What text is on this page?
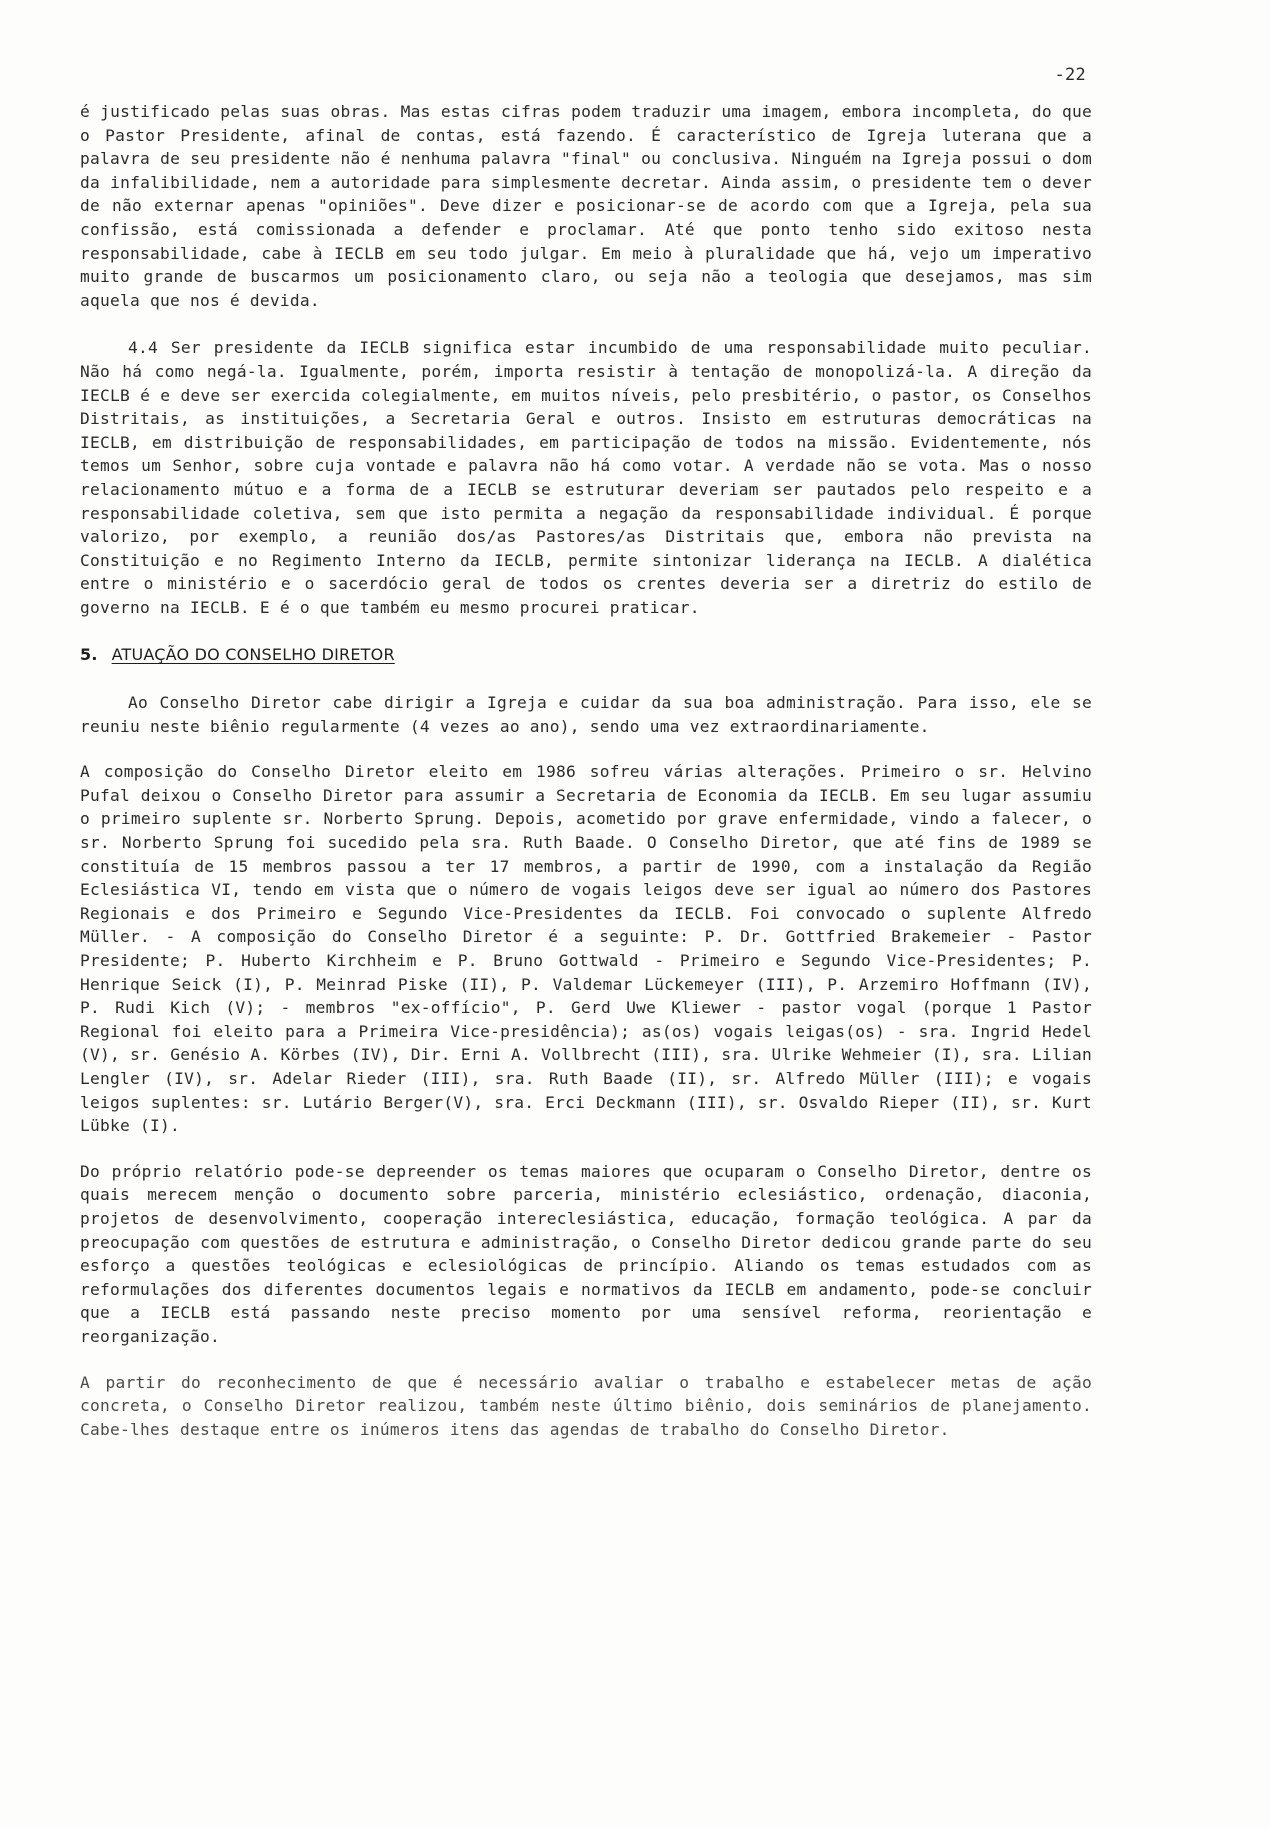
-22

é justificado pelas suas obras. Mas estas cifras podem traduzir uma imagem, embora incompleta, do que o Pastor Presidente, afinal de contas, está fazendo. É característico de Igreja luterana que a palavra de seu presidente não é nenhuma palavra "final" ou conclusiva. Ninguém na Igreja possui o dom da infalibilidade, nem a autoridade para simplesmente decretar. Ainda assim, o presidente tem o dever de não externar apenas "opiniões". Deve dizer e posicionar-se de acordo com que a Igreja, pela sua confissão, está comissionada a defender e proclamar. Até que ponto tenho sido exitoso nesta responsabilidade, cabe à IECLB em seu todo julgar. Em meio à pluralidade que há, vejo um imperativo muito grande de buscarmos um posicionamento claro, ou seja não a teologia que desejamos, mas sim aquela que nos é devida.

4.4 Ser presidente da IECLB significa estar incumbido de uma responsabilidade muito peculiar. Não há como negá-la. Igualmente, porém, importa resistir à tentação de monopolizá-la. A direção da IECLB é e deve ser exercida colegialmente, em muitos níveis, pelo presbitério, o pastor, os Conselhos Distritais, as instituições, a Secretaria Geral e outros. Insisto em estruturas democráticas na IECLB, em distribuição de responsabilidades, em participação de todos na missão. Evidentemente, nós temos um Senhor, sobre cuja vontade e palavra não há como votar. A verdade não se vota. Mas o nosso relacionamento mútuo e a forma de a IECLB se estruturar deveriam ser pautados pelo respeito e a responsabilidade coletiva, sem que isto permita a negação da responsabilidade individual. É porque valorizo, por exemplo, a reunião dos/as Pastores/as Distritais que, embora não prevista na Constituição e no Regimento Interno da IECLB, permite sintonizar liderança na IECLB. A dialética entre o ministério e o sacerdócio geral de todos os crentes deveria ser a diretriz do estilo de governo na IECLB. E é o que também eu mesmo procurei praticar.

5. ATUAÇÃO DO CONSELHO DIRETOR

Ao Conselho Diretor cabe dirigir a Igreja e cuidar da sua boa administração. Para isso, ele se reuniu neste biênio regularmente (4 vezes ao ano), sendo uma vez extraordinariamente.

A composição do Conselho Diretor eleito em 1986 sofreu várias alterações. Primeiro o sr. Helvino Pufal deixou o Conselho Diretor para assumir a Secretaria de Economia da IECLB. Em seu lugar assumiu o primeiro suplente sr. Norberto Sprung. Depois, acometido por grave enfermidade, vindo a falecer, o sr. Norberto Sprung foi sucedido pela sra. Ruth Baade. O Conselho Diretor, que até fins de 1989 se constituía de 15 membros passou a ter 17 membros, a partir de 1990, com a instalação da Região Eclesiástica VI, tendo em vista que o número de vogais leigos deve ser igual ao número dos Pastores Regionais e dos Primeiro e Segundo Vice-Presidentes da IECLB. Foi convocado o suplente Alfredo Müller. - A composição do Conselho Diretor é a seguinte: P. Dr. Gottfried Brakemeier - Pastor Presidente; P. Huberto Kirchheim e P. Bruno Gottwald - Primeiro e Segundo Vice-Presidentes; P. Henrique Seick (I), P. Meinrad Piske (II), P. Valdemar Lückemeyer (III), P. Arzemiro Hoffmann (IV), P. Rudi Kich (V); - membros "ex-offício", P. Gerd Uwe Kliewer - pastor vogal (porque 1 Pastor Regional foi eleito para a Primeira Vice-presidência); as(os) vogais leigas(os) - sra. Ingrid Hedel (V), sr. Genésio A. Körbes (IV), Dir. Erni A. Vollbrecht (III), sra. Ulrike Wehmeier (I), sra. Lilian Lengler (IV), sr. Adelar Rieder (III), sra. Ruth Baade (II), sr. Alfredo Müller (III); e vogais leigos suplentes: sr. Lutário Berger(V), sra. Erci Deckmann (III), sr. Osvaldo Rieper (II), sr. Kurt Lübke (I).

Do próprio relatório pode-se depreender os temas maiores que ocuparam o Conselho Diretor, dentre os quais merecem menção o documento sobre parceria, ministério eclesiástico, ordenação, diaconia, projetos de desenvolvimento, cooperação intereclesiástica, educação, formação teológica. A par da preocupação com questões de estrutura e administração, o Conselho Diretor dedicou grande parte do seu esforço a questões teológicas e eclesiológicas de princípio. Aliando os temas estudados com as reformulações dos diferentes documentos legais e normativos da IECLB em andamento, pode-se concluir que a IECLB está passando neste preciso momento por uma sensível reforma, reorientação e reorganização.

A partir do reconhecimento de que é necessário avaliar o trabalho e estabelecer metas de ação concreta, o Conselho Diretor realizou, também neste último biênio, dois seminários de planejamento. Cabe-lhes destaque entre os inúmeros itens das agendas de trabalho do Conselho Diretor.
